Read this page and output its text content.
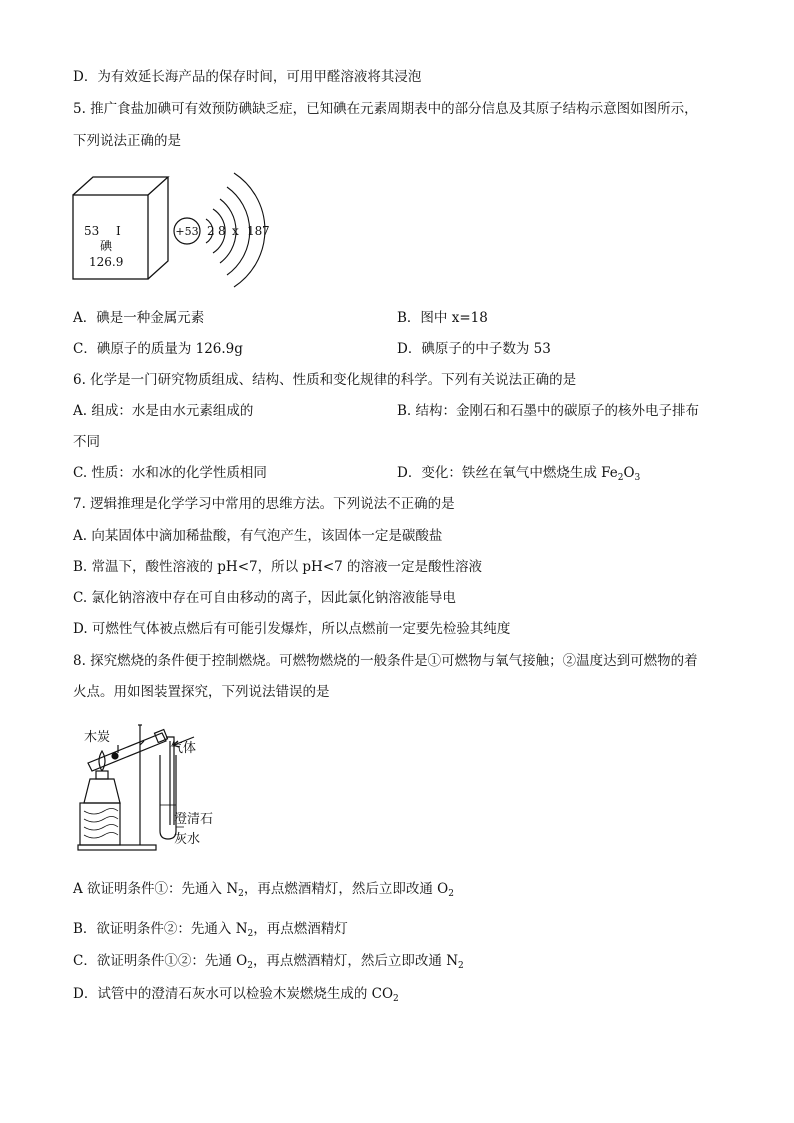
D．为有效延长海产品的保存时间，可用甲醛溶液将其浸泡
5. 推广食盐加碘可有效预防碘缺乏症，已知碘在元素周期表中的部分信息及其原子结构示意图如图所示，
下列说法正确的是
53 I
碘
126.9
+53 2 8 x 18 7
A．碘是一种金属元素	B．图中 x=18
C．碘原子的质量为 126.9g	D．碘原子的中子数为 53
6. 化学是一门研究物质组成、结构、性质和变化规律的科学。下列有关说法正确的是
A. 组成：水是由水元素组成的	B. 结构：金刚石和石墨中的碳原子的核外电子排布
不同
C. 性质：水和冰的化学性质相同	D．变化：铁丝在氧气中燃烧生成 $Fe_2O_3$
7. 逻辑推理是化学学习中常用的思维方法。下列说法不正确的是
A. 向某固体中滴加稀盐酸，有气泡产生，该固体一定是碳酸盐
B. 常温下，酸性溶液的 pH<7，所以 pH<7 的溶液一定是酸性溶液
C. 氯化钠溶液中存在可自由移动的离子，因此氯化钠溶液能导电
D. 可燃性气体被点燃后有可能引发爆炸，所以点燃前一定要先检验其纯度
8. 探究燃烧的条件便于控制燃烧。可燃物燃烧的一般条件是①可燃物与氧气接触；②温度达到可燃物的着
火点。用如图装置探究，下列说法错误的是
木炭
气体
澄清石
灰水
A 欲证明条件①：先通入 $N_2$，再点燃酒精灯，然后立即改通 $O_2$
B．欲证明条件②：先通入 $N_2$，再点燃酒精灯
C．欲证明条件①②：先通 $O_2$，再点燃酒精灯，然后立即改通 $N_2$
D．试管中的澄清石灰水可以检验木炭燃烧生成的 $CO_2$
